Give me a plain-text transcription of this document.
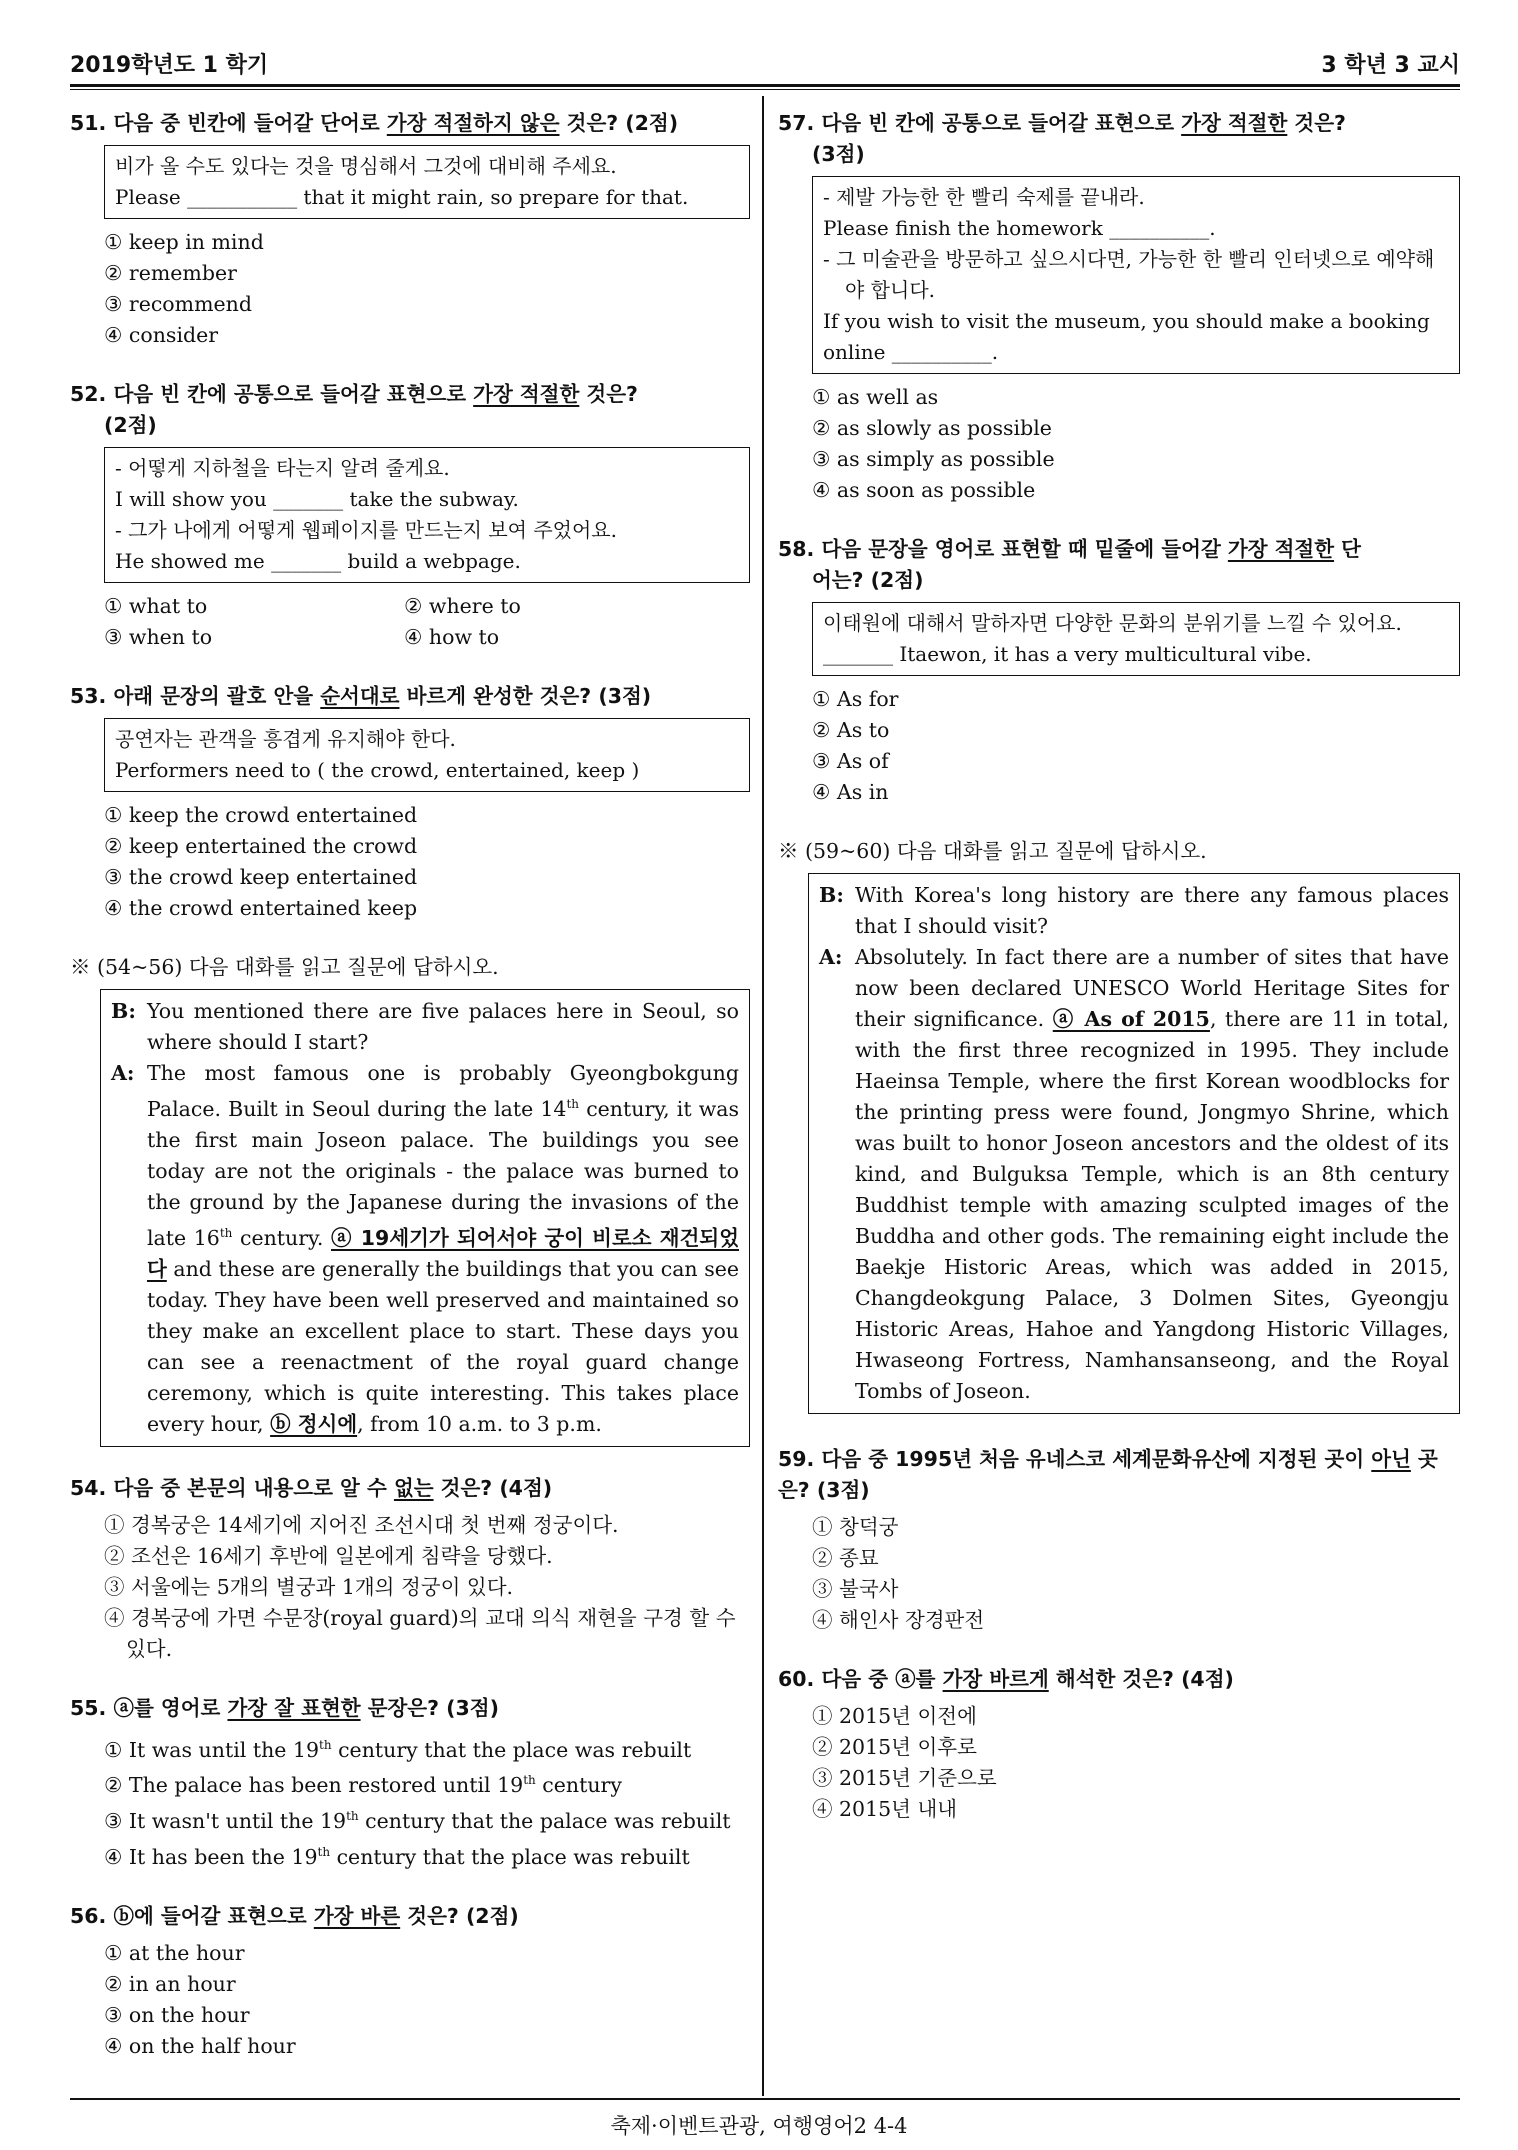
2019학년도 1 학기	3 학년 3 교시

51. 다음 중 빈칸에 들어갈 단어로 가장 적절하지 않은 것은? (2점)

비가 올 수도 있다는 것을 명심해서 그것에 대비해 주세요.

Please ___________ that it might rain, so prepare for that.

① keep in mind

② remember

③ recommend

④ consider

52. 다음 빈 칸에 공통으로 들어갈 표현으로 가장 적절한 것은?
(2점)

- 어떻게 지하철을 타는지 알려 줄게요.

I will show you _______ take the subway.

- 그가 나에게 어떻게 웹페이지를 만드는지 보여 주었어요.

He showed me _______ build a webpage.

① what to	② where to

③ when to	④ how to

53. 아래 문장의 괄호 안을 순서대로 바르게 완성한 것은? (3점)

공연자는 관객을 흥겹게 유지해야 한다.

Performers need to ( the crowd, entertained, keep )

① keep the crowd entertained

② keep entertained the crowd

③ the crowd keep entertained

④ the crowd entertained keep

※ (54~56) 다음 대화를 읽고 질문에 답하시오.

B: You mentioned there are five palaces here in Seoul, so where should I start?
A: The most famous one is probably Gyeongbokgung Palace. Built in Seoul during the late 14th century, it was the first main Joseon palace. The buildings you see today are not the originals - the palace was burned to the ground by the Japanese during the invasions of the late 16th century. ⓐ 19세기가 되어서야 궁이 비로소 재건되었다 and these are generally the buildings that you can see today. They have been well preserved and maintained so they make an excellent place to start. These days you can see a reenactment of the royal guard change ceremony, which is quite interesting. This takes place every hour, ⓑ 정시에, from 10 a.m. to 3 p.m.

54. 다음 중 본문의 내용으로 알 수 없는 것은? (4점)

① 경복궁은 14세기에 지어진 조선시대 첫 번째 정궁이다.

② 조선은 16세기 후반에 일본에게 침략을 당했다.

③ 서울에는 5개의 별궁과 1개의 정궁이 있다.

④ 경복궁에 가면 수문장(royal guard)의 교대 의식 재현을 구경 할 수 있다.

55. ⓐ를 영어로 가장 잘 표현한 문장은? (3점)

① It was until the 19th century that the place was rebuilt

② The palace has been restored until 19th century

③ It wasn't until the 19th century that the palace was rebuilt

④ It has been the 19th century that the place was rebuilt

56. ⓑ에 들어갈 표현으로 가장 바른 것은? (2점)

① at the hour

② in an hour

③ on the hour

④ on the half hour

57. 다음 빈 칸에 공통으로 들어갈 표현으로 가장 적절한 것은?
(3점)

- 제발 가능한 한 빨리 숙제를 끝내라.

Please finish the homework __________.

- 그 미술관을 방문하고 싶으시다면, 가능한 한 빨리 인터넷으로 예약해야 합니다.

If you wish to visit the museum, you should make a booking online __________.

① as well as

② as slowly as possible

③ as simply as possible

④ as soon as possible

58. 다음 문장을 영어로 표현할 때 밑줄에 들어갈 가장 적절한 단
어는? (2점)

이태원에 대해서 말하자면 다양한 문화의 분위기를 느낄 수 있어요.

_______ Itaewon, it has a very multicultural vibe.

① As for

② As to

③ As of

④ As in

※ (59~60) 다음 대화를 읽고 질문에 답하시오.

B: With Korea's long history are there any famous places that I should visit?
A: Absolutely. In fact there are a number of sites that have now been declared UNESCO World Heritage Sites for their significance. ⓐ As of 2015, there are 11 in total, with the first three recognized in 1995. They include Haeinsa Temple, where the first Korean woodblocks for the printing press were found, Jongmyo Shrine, which was built to honor Joseon ancestors and the oldest of its kind, and Bulguksa Temple, which is an 8th century Buddhist temple with amazing sculpted images of the Buddha and other gods. The remaining eight include the Baekje Historic Areas, which was added in 2015, Changdeokgung Palace, 3 Dolmen Sites, Gyeongju Historic Areas, Hahoe and Yangdong Historic Villages, Hwaseong Fortress, Namhansanseong, and the Royal Tombs of Joseon.

59. 다음 중 1995년 처음 유네스코 세계문화유산에 지정된 곳이 아닌 곳은? (3점)

① 창덕궁

② 종묘

③ 불국사

④ 해인사 장경판전

60. 다음 중 ⓐ를 가장 바르게 해석한 것은? (4점)

① 2015년 이전에

② 2015년 이후로

③ 2015년 기준으로

④ 2015년 내내

축제·이벤트관광, 여행영어2 4-4
